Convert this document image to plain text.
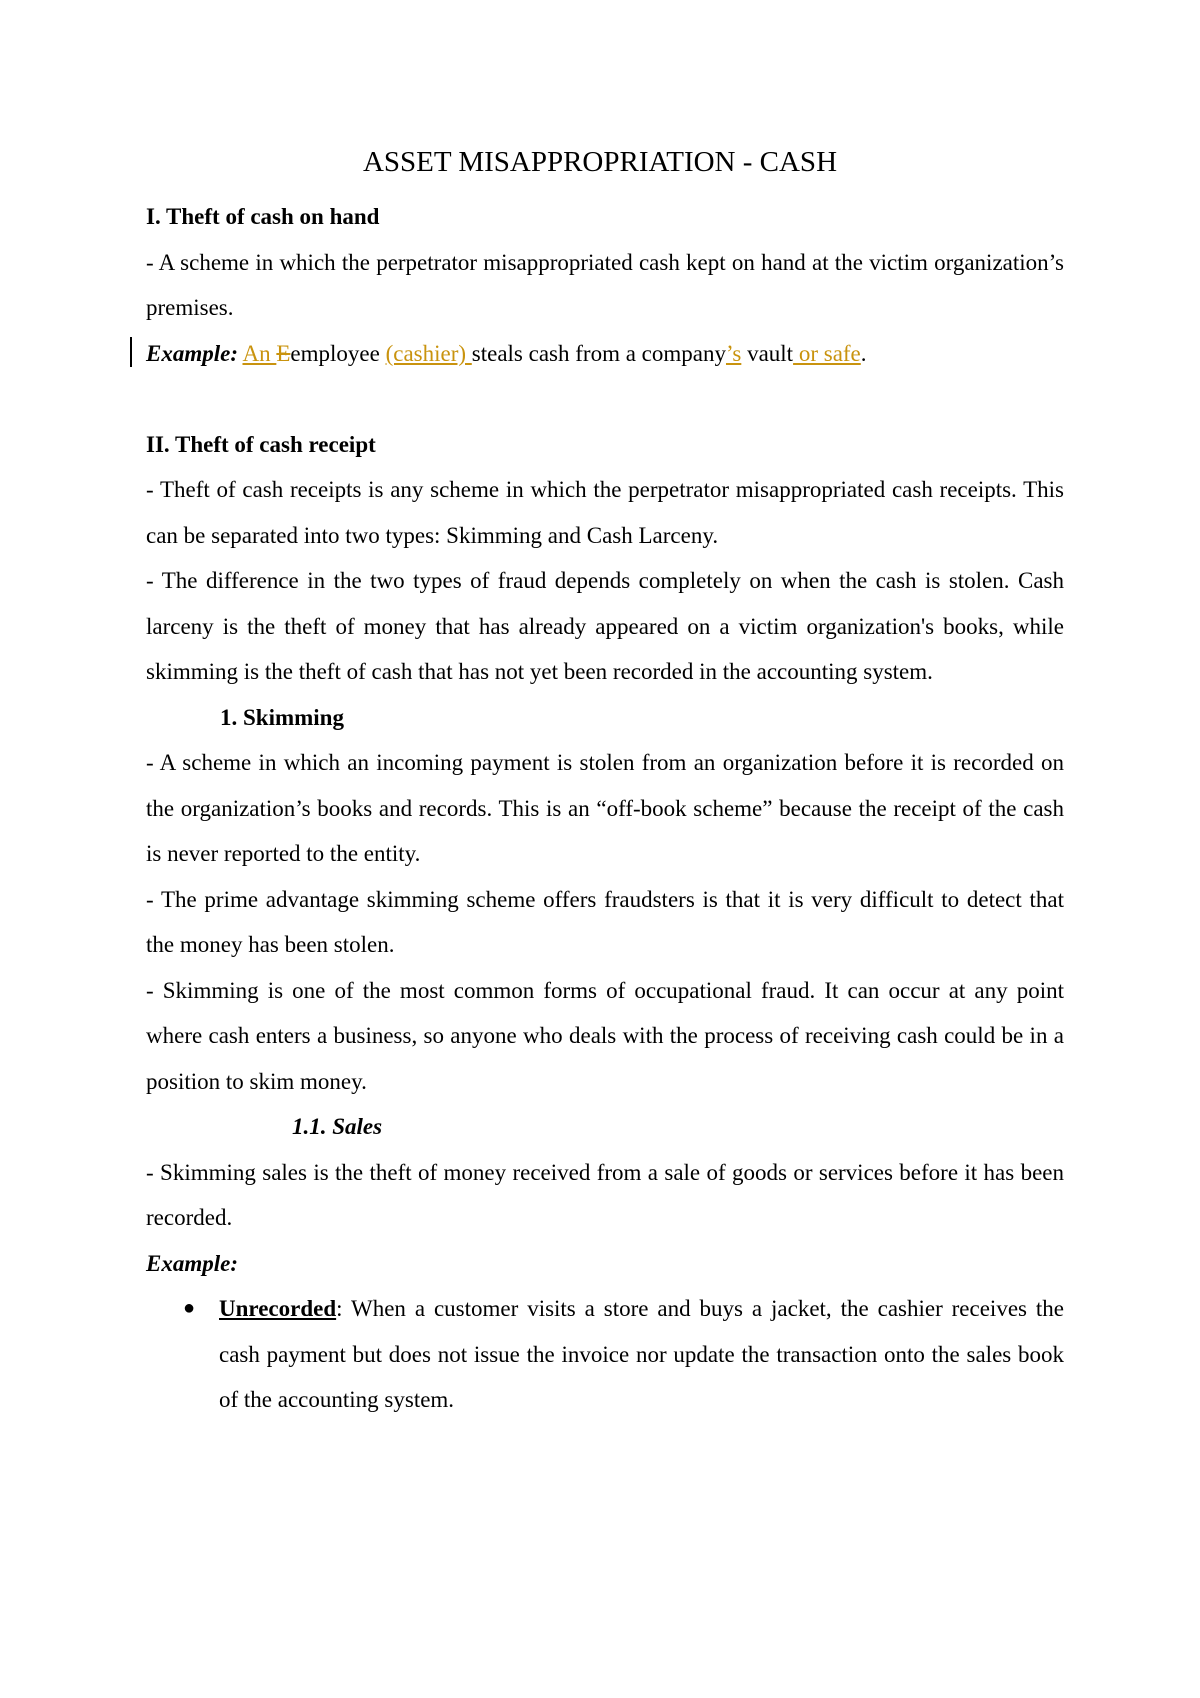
ASSET MISAPPROPRIATION - CASH

I. Theft of cash on hand

- A scheme in which the perpetrator misappropriated cash kept on hand at the victim organization’s premises.

Example: An Eemployee (cashier) steals cash from a company’s vault or safe.

II. Theft of cash receipt

- Theft of cash receipts is any scheme in which the perpetrator misappropriated cash receipts. This can be separated into two types: Skimming and Cash Larceny.

- The difference in the two types of fraud depends completely on when the cash is stolen. Cash larceny is the theft of money that has already appeared on a victim organization's books, while skimming is the theft of cash that has not yet been recorded in the accounting system.

1. Skimming

- A scheme in which an incoming payment is stolen from an organization before it is recorded on the organization’s books and records. This is an “off-book scheme” because the receipt of the cash is never reported to the entity.

- The prime advantage skimming scheme offers fraudsters is that it is very difficult to detect that the money has been stolen.

- Skimming is one of the most common forms of occupational fraud. It can occur at any point where cash enters a business, so anyone who deals with the process of receiving cash could be in a position to skim money.

1.1. Sales

- Skimming sales is the theft of money received from a sale of goods or services before it has been recorded.

Example:

● Unrecorded: When a customer visits a store and buys a jacket, the cashier receives the cash payment but does not issue the invoice nor update the transaction onto the sales book of the accounting system.
